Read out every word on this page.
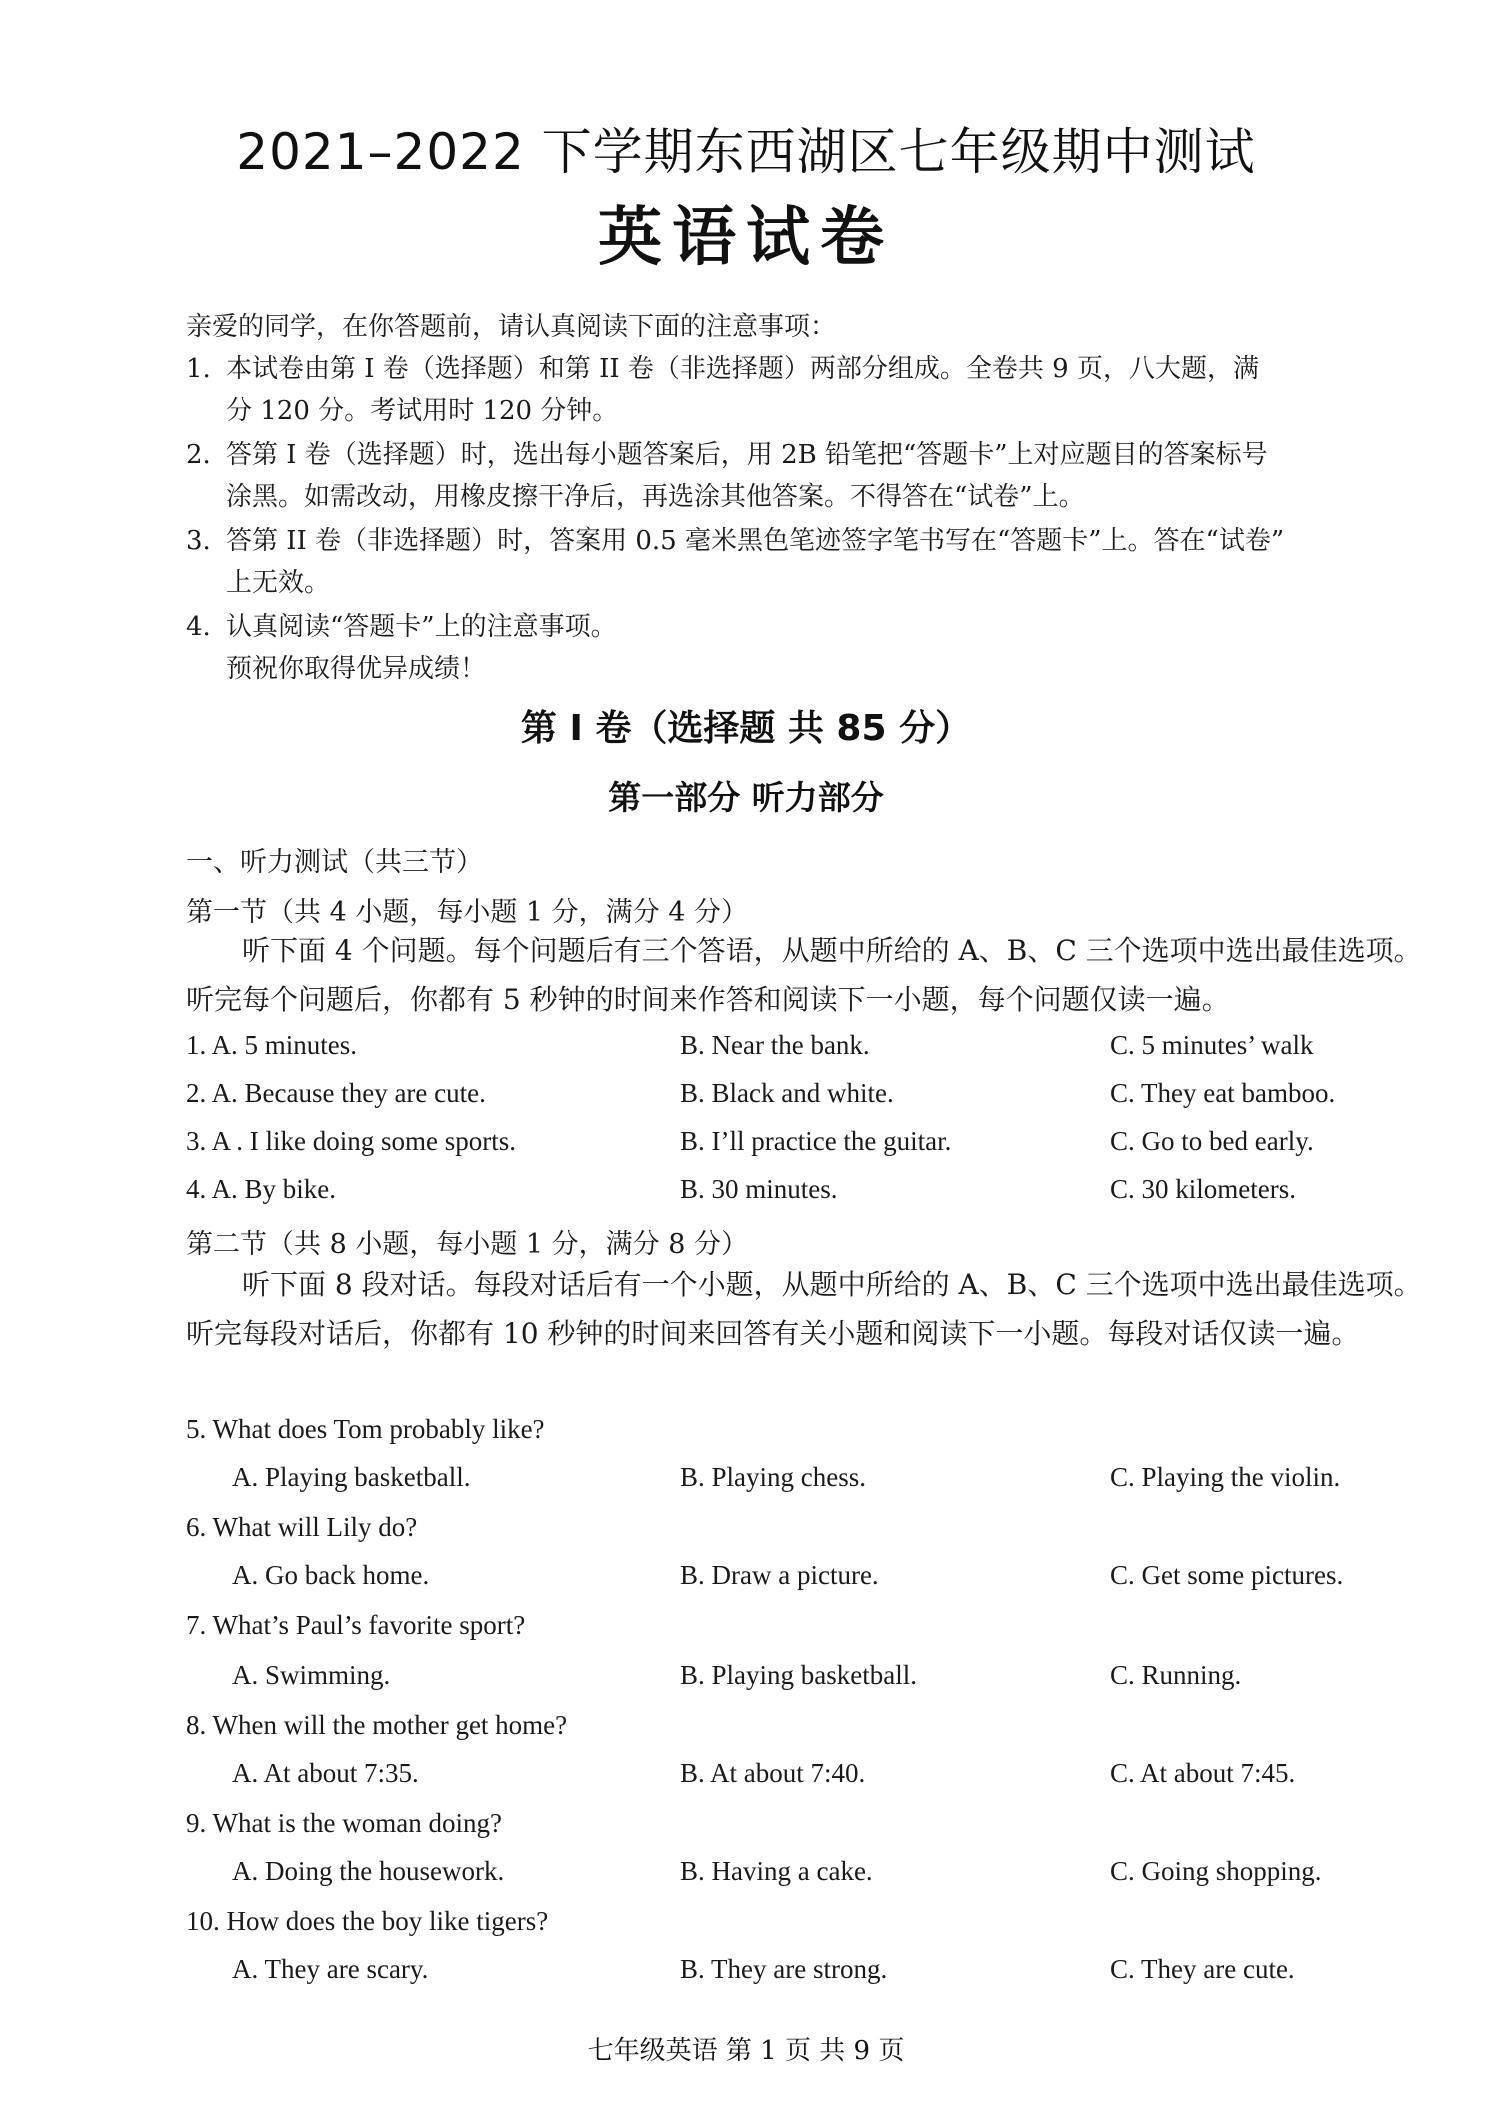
2021–2022 下学期东西湖区七年级期中测试
英语试卷
亲爱的同学，在你答题前，请认真阅读下面的注意事项：
1. 本试卷由第 I 卷（选择题）和第 II 卷（非选择题）两部分组成。全卷共 9 页，八大题，满
分 120 分。考试用时 120 分钟。
2. 答第 I 卷（选择题）时，选出每小题答案后，用 2B 铅笔把“答题卡”上对应题目的答案标号
涂黑。如需改动，用橡皮擦干净后，再选涂其他答案。不得答在“试卷”上。
3. 答第 II 卷（非选择题）时，答案用 0.5 毫米黑色笔迹签字笔书写在“答题卡”上。答在“试卷”
上无效。
4. 认真阅读“答题卡”上的注意事项。
预祝你取得优异成绩！
第 I 卷（选择题 共 85 分）
第一部分 听力部分
一、听力测试（共三节）
第一节（共 4 小题，每小题 1 分，满分 4 分）
听下面 4 个问题。每个问题后有三个答语，从题中所给的 A、B、C 三个选项中选出最佳选项。听完每个问题后，你都有 5 秒钟的时间来作答和阅读下一小题，每个问题仅读一遍。
1. A. 5 minutes.	B. Near the bank.	C. 5 minutes’ walk
2. A. Because they are cute.	B. Black and white.	C. They eat bamboo.
3. A . I like doing some sports.	B. I’ll practice the guitar.	C. Go to bed early.
4. A. By bike.	B. 30 minutes.	C. 30 kilometers.
第二节（共 8 小题，每小题 1 分，满分 8 分）
听下面 8 段对话。每段对话后有一个小题，从题中所给的 A、B、C 三个选项中选出最佳选项。听完每段对话后，你都有 10 秒钟的时间来回答有关小题和阅读下一小题。每段对话仅读一遍。
5. What does Tom probably like?
A. Playing basketball.	B. Playing chess.	C. Playing the violin.
6. What will Lily do?
A. Go back home.	B. Draw a picture.	C. Get some pictures.
7. What’s Paul’s favorite sport?
A. Swimming.	B. Playing basketball.	C. Running.
8. When will the mother get home?
A. At about 7:35.	B. At about 7:40.	C. At about 7:45.
9. What is the woman doing?
A. Doing the housework.	B. Having a cake.	C. Going shopping.
10. How does the boy like tigers?
A. They are scary.	B. They are strong.	C. They are cute.
七年级英语 第 1 页 共 9 页
